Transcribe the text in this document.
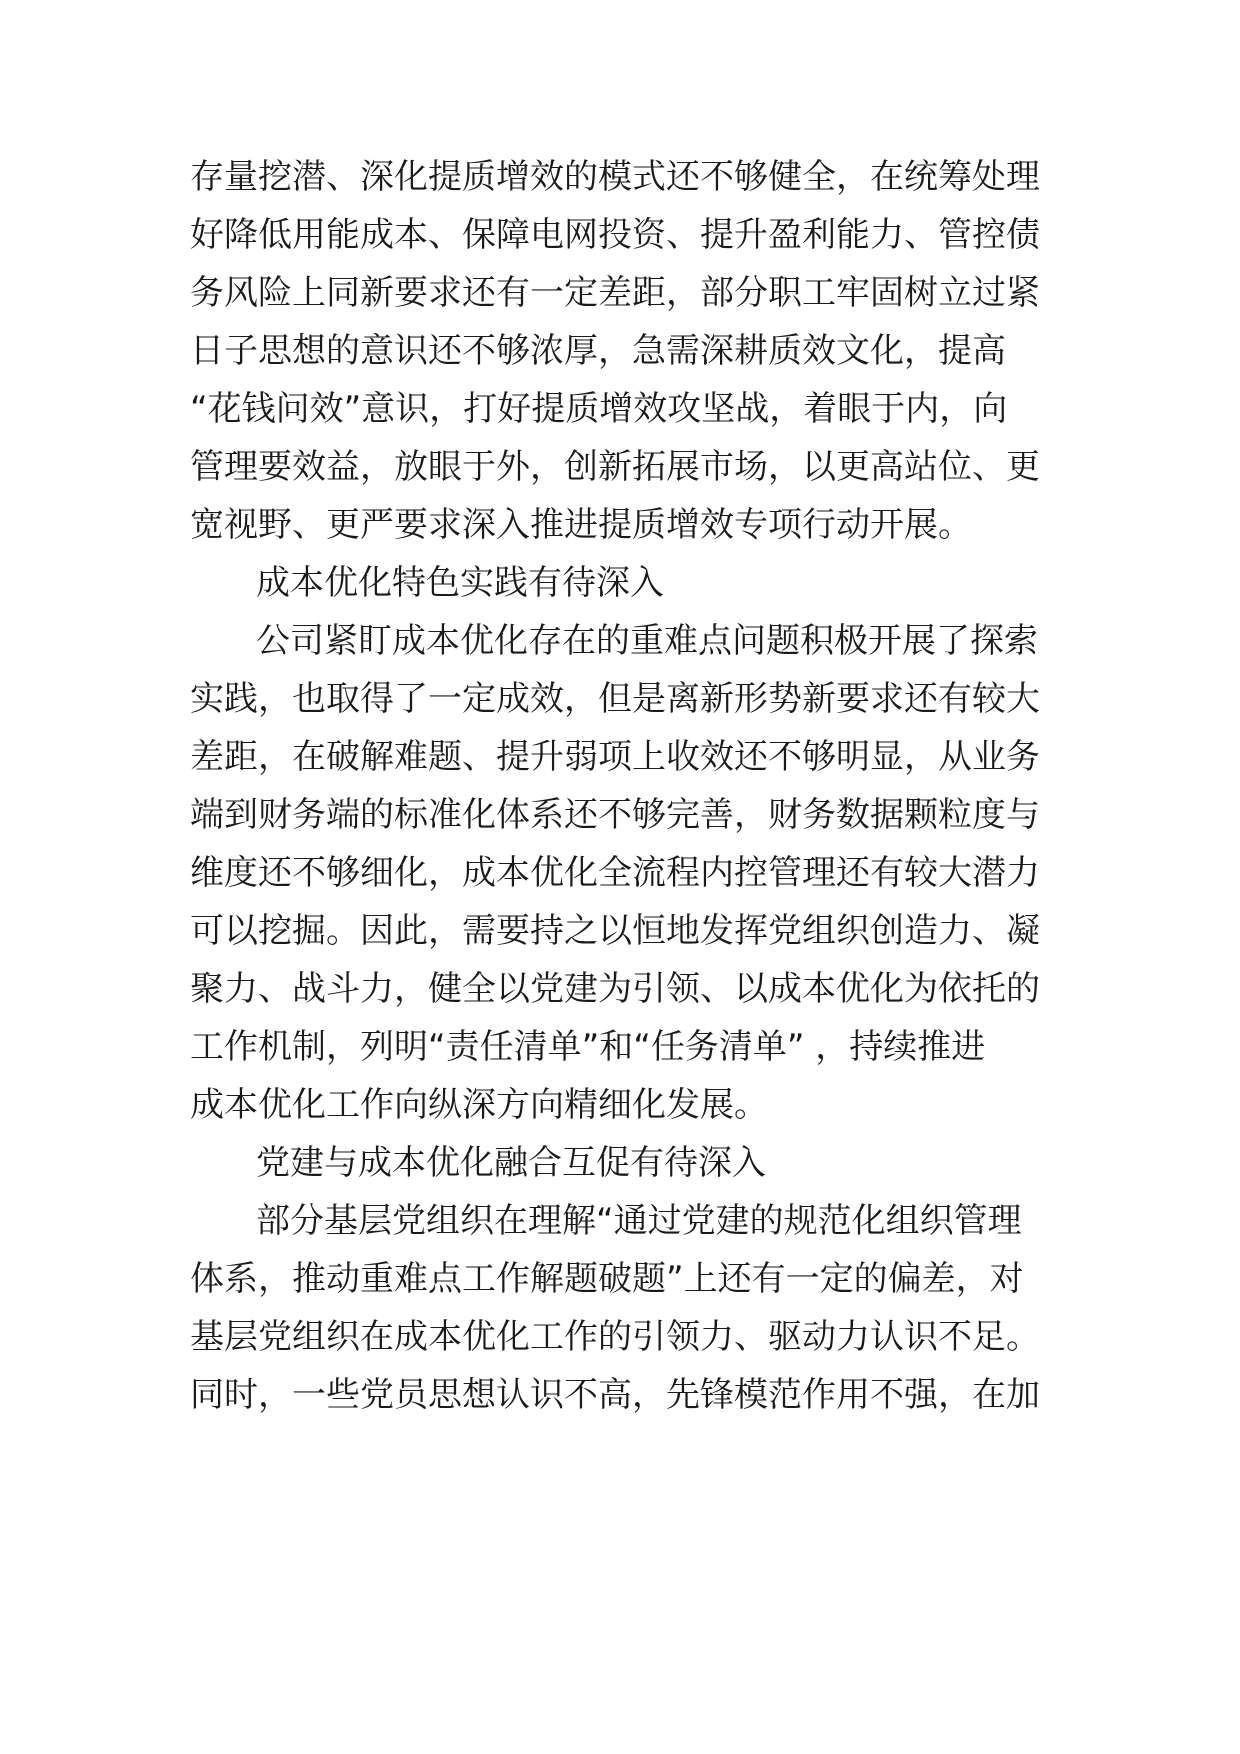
存量挖潜、深化提质增效的模式还不够健全，在统筹处理
好降低用能成本、保障电网投资、提升盈利能力、管控债
务风险上同新要求还有一定差距，部分职工牢固树立过紧
日子思想的意识还不够浓厚，急需深耕质效文化，提高
“花钱问效”意识，打好提质增效攻坚战，着眼于内，向
管理要效益，放眼于外，创新拓展市场，以更高站位、更
宽视野、更严要求深入推进提质增效专项行动开展。
成本优化特色实践有待深入
公司紧盯成本优化存在的重难点问题积极开展了探索
实践，也取得了一定成效，但是离新形势新要求还有较大
差距，在破解难题、提升弱项上收效还不够明显，从业务
端到财务端的标准化体系还不够完善，财务数据颗粒度与
维度还不够细化，成本优化全流程内控管理还有较大潜力
可以挖掘。因此，需要持之以恒地发挥党组织创造力、凝
聚力、战斗力，健全以党建为引领、以成本优化为依托的
工作机制，列明“责任清单”和“任务清单” ，持续推进
成本优化工作向纵深方向精细化发展。
党建与成本优化融合互促有待深入
部分基层党组织在理解“通过党建的规范化组织管理
体系，推动重难点工作解题破题”上还有一定的偏差，对
基层党组织在成本优化工作的引领力、驱动力认识不足。
同时，一些党员思想认识不高，先锋模范作用不强，在加
